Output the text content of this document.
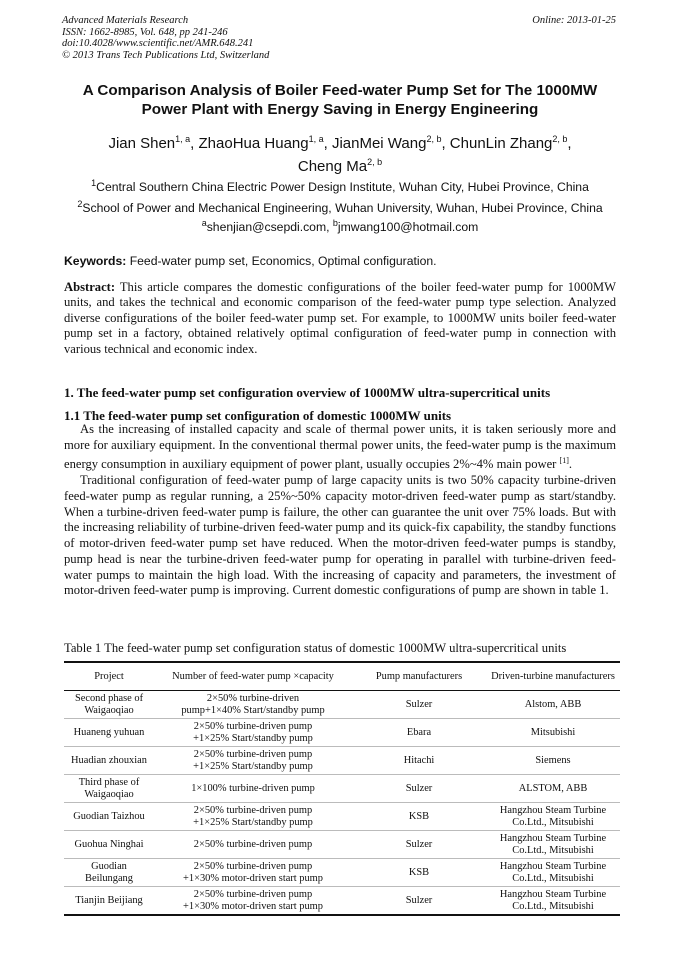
Advanced Materials Research
ISSN: 1662-8985, Vol. 648, pp 241-246
doi:10.4028/www.scientific.net/AMR.648.241
© 2013 Trans Tech Publications Ltd, Switzerland
Online: 2013-01-25
A Comparison Analysis of Boiler Feed-water Pump Set for The 1000MW
Power Plant with Energy Saving in Energy Engineering
Jian Shen$^{1, a}$, ZhaoHua Huang$^{1, a}$, JianMei Wang$^{2, b}$, ChunLin Zhang$^{2, b}$,
Cheng Ma$^{2, b}$
$^1$Central Southern China Electric Power Design Institute, Wuhan City, Hubei Province, China
$^2$School of Power and Mechanical Engineering, Wuhan University, Wuhan, Hubei Province, China
$^a$shenjian@csepdi.com, $^b$jmwang100@hotmail.com
Keywords: Feed-water pump set, Economics, Optimal configuration.
Abstract: This article compares the domestic configurations of the boiler feed-water pump for 1000MW units, and takes the technical and economic comparison of the feed-water pump type selection. Analyzed diverse configurations of the boiler feed-water pump set. For example, to 1000MW units boiler feed-water pump set in a factory, obtained relatively optimal configuration of feed-water pump in connection with various technical and economic index.
1. The feed-water pump set configuration overview of 1000MW ultra-supercritical units
1.1 The feed-water pump set configuration of domestic 1000MW units

As the increasing of installed capacity and scale of thermal power units, it is taken seriously more and more for auxiliary equipment. In the conventional thermal power units, the feed-water pump is the maximum energy consumption in auxiliary equipment of power plant, usually occupies 2%~4% main power [1].

Traditional configuration of feed-water pump of large capacity units is two 50% capacity turbine-driven feed-water pump as regular running, a 25%~50% capacity motor-driven feed-water pump as start/standby. When a turbine-driven feed-water pump is failure, the other can guarantee the unit over 75% loads. But with the increasing reliability of turbine-driven feed-water pump and its quick-fix capability, the standby functions of motor-driven feed-water pump set have reduced. When the motor-driven feed-water pumps is standby, pump head is near the turbine-driven feed-water pump for operating in parallel with turbine-driven feed-water pumps to maintain the high load. With the increasing of capacity and parameters, the investment of motor-driven feed-water pump is improving. Current domestic configurations of pump are shown in table 1.

Table 1 The feed-water pump set configuration status of domestic 1000MW ultra-supercritical units
Project	Number of feed-water pump ×capacity	Pump manufacturers	Driven-turbine manufacturers
Second phase of
Waigaoqiao	2×50% turbine-driven
pump+1×40% Start/standby pump	Sulzer	Alstom, ABB
Huaneng yuhuan	2×50% turbine-driven pump
+1×25% Start/standby pump	Ebara	Mitsubishi
Huadian zhouxian	2×50% turbine-driven pump
+1×25% Start/standby pump	Hitachi	Siemens
Third phase of
Waigaoqiao	1×100% turbine-driven pump	Sulzer	ALSTOM, ABB
Guodian Taizhou	2×50% turbine-driven pump
+1×25% Start/standby pump	KSB	Hangzhou Steam Turbine
Co.Ltd., Mitsubishi
Guohua Ninghai	2×50% turbine-driven pump	Sulzer	Hangzhou Steam Turbine
Co.Ltd., Mitsubishi
Guodian
Beilungang	2×50% turbine-driven pump
+1×30% motor-driven start pump	KSB	Hangzhou Steam Turbine
Co.Ltd., Mitsubishi
Tianjin Beijiang	2×50% turbine-driven pump
+1×30% motor-driven start pump	Sulzer	Hangzhou Steam Turbine
Co.Ltd., Mitsubishi
